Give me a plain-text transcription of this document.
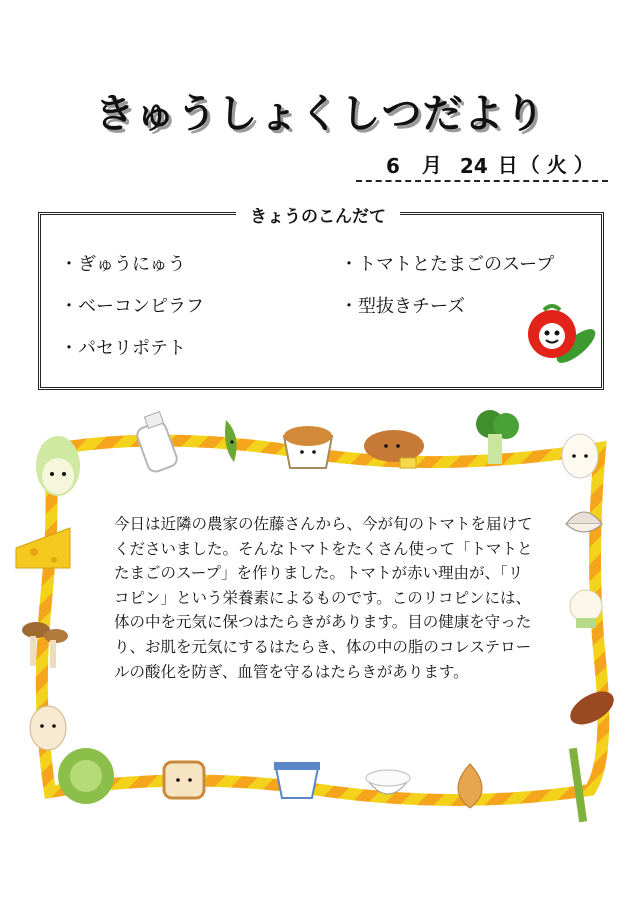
きゅうしょくしつだより
6 月 24 日 （ 火 ）
きょうのこんだて
・ぎゅうにゅう
・ベーコンピラフ
・パセリポテト
・トマトとたまごのスープ
・型抜きチーズ
今日は近隣の農家の佐藤さんから、今が旬のトマトを届けてくださいました。そんなトマトをたくさん使って「トマトとたまごのスープ」を作りました。トマトが赤い理由が、「リコピン」という栄養素によるものです。このリコピンには、体の中を元気に保つはたらきがあります。目の健康を守ったり、お肌を元気にするはたらき、体の中の脂のコレステロールの酸化を防ぎ、血管を守るはたらきがあります。
